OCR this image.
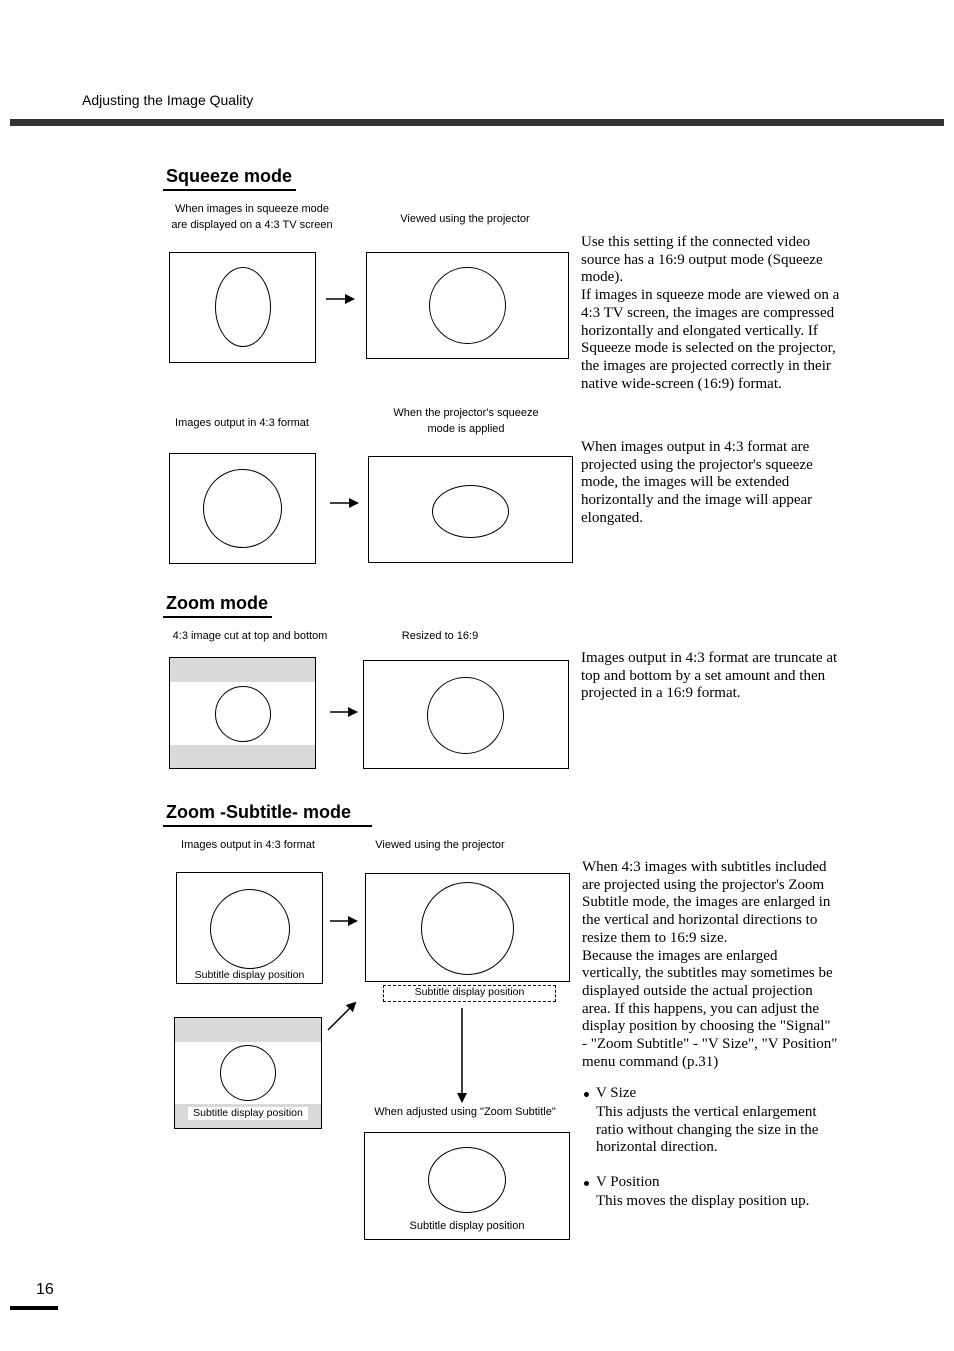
Adjusting the Image Quality
Squeeze mode
When images in squeeze mode
are displayed on a 4:3 TV screen	Viewed using the projector
Use this setting if the connected video
source has a 16:9 output mode (Squeeze
mode).
If images in squeeze mode are viewed on a
4:3 TV screen, the images are compressed
horizontally and elongated vertically. If
Squeeze mode is selected on the projector,
the images are projected correctly in their
native wide-screen (16:9) format.
Images output in 4:3 format
When the projector's squeeze
mode is applied
When images output in 4:3 format are
projected using the projector's squeeze
mode, the images will be extended
horizontally and the image will appear
elongated.
Zoom mode
4:3 image cut at top and bottom	Resized to 16:9
Images output in 4:3 format are truncate at
top and bottom by a set amount and then
projected in a 16:9 format.
Zoom -Subtitle- mode
Images output in 4:3 format	Viewed using the projector
Subtitle display position
Subtitle display position
Subtitle display position	When adjusted using "Zoom Subtitle"
Subtitle display position
When 4:3 images with subtitles included
are projected using the projector's Zoom
Subtitle mode, the images are enlarged in
the vertical and horizontal directions to
resize them to 16:9 size.
Because the images are enlarged
vertically, the subtitles may sometimes be
displayed outside the actual projection
area. If this happens, you can adjust the
display position by choosing the "Signal"
- "Zoom Subtitle" - "V Size", "V Position"
menu command (p.31)
V Size
This adjusts the vertical enlargement
ratio without changing the size in the
horizontal direction.
V Position
This moves the display position up.
16
